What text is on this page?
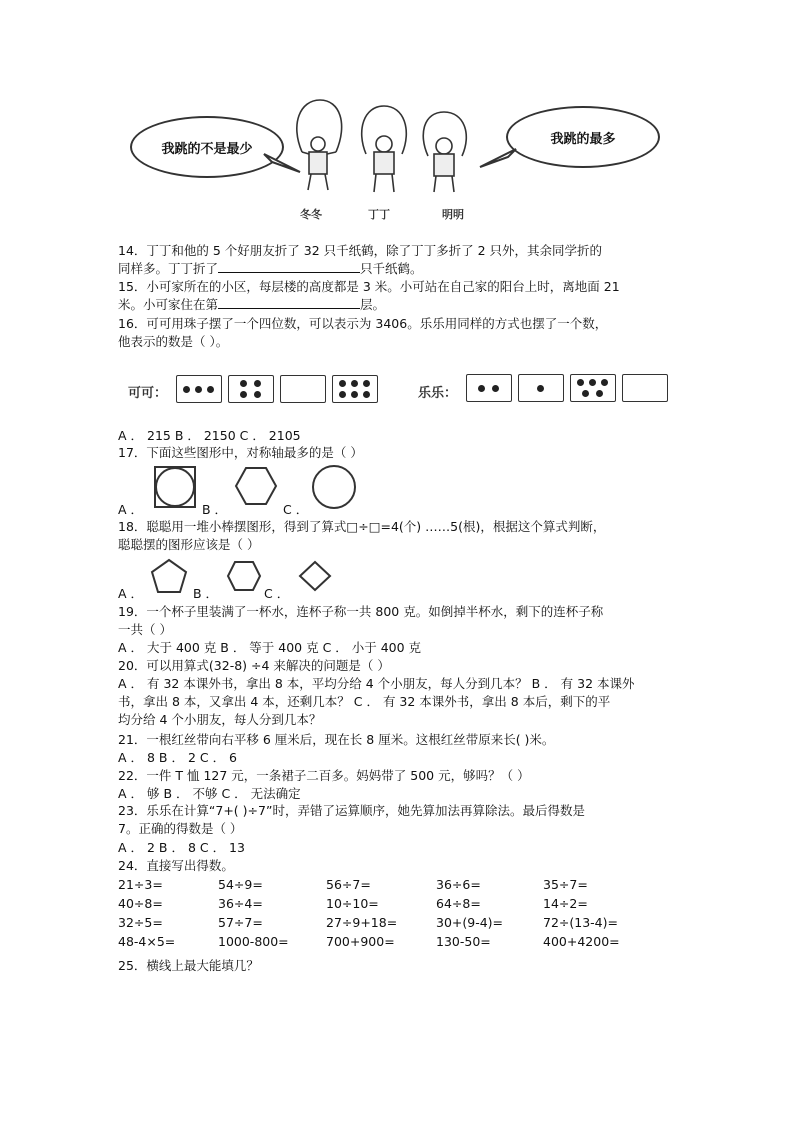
我跳的不是最少
我跳的最多
冬冬	丁丁	明明
14．丁丁和他的 5 个好朋友折了 32 只千纸鹤，除了丁丁多折了 2 只外，其余同学折的
同样多。丁丁折了	只千纸鹤。
15．小可家所在的小区，每层楼的高度都是 3 米。小可站在自己家的阳台上时，离地面 21
米。小可家住在第	层。
16．可可用珠子摆了一个四位数，可以表示为 3406。乐乐用同样的方式也摆了一个数，
他表示的数是（ ）。
可可：	乐乐：
A ． 215 B ． 2150 C ． 2105
17．下面这些图形中，对称轴最多的是（ ）
A ．	B ．	C ．
18．聪聪用一堆小棒摆图形，得到了算式□÷□=4(个) ……5(根)，根据这个算式判断，
聪聪摆的图形应该是（ ）
A ．	B ．	C ．
19．一个杯子里装满了一杯水，连杯子称一共 800 克。如倒掉半杯水，剩下的连杯子称
一共（ ）
A ． 大于 400 克 B ． 等于 400 克 C ． 小于 400 克
20．可以用算式(32-8) ÷4 来解决的问题是（ ）
A ． 有 32 本课外书，拿出 8 本，平均分给 4 个小朋友，每人分到几本？ B ． 有 32 本课外
书，拿出 8 本，又拿出 4 本，还剩几本？ C ． 有 32 本课外书，拿出 8 本后，剩下的平
均分给 4 个小朋友，每人分到几本？
21．一根红丝带向右平移 6 厘米后，现在长 8 厘米。这根红丝带原来长( )米。
A ． 8 B ． 2 C ． 6
22．一件 T 恤 127 元，一条裙子二百多。妈妈带了 500 元，够吗？（ ）
A ． 够 B ． 不够 C ． 无法确定
23．乐乐在计算“7+( )÷7”时，弄错了运算顺序，她先算加法再算除法。最后得数是
7。正确的得数是（ ）
A ． 2 B ． 8 C ． 13
24．直接写出得数。
21÷3=	54÷9=	56÷7=	36÷6=	35÷7=
40÷8=	36÷4=	10÷10=	64÷8=	14÷2=
32÷5=	57÷7=	27÷9+18=	30+(9-4)=	72÷(13-4)=
48-4×5=	1000-800=	700+900=	130-50=	400+4200=
25．横线上最大能填几？
